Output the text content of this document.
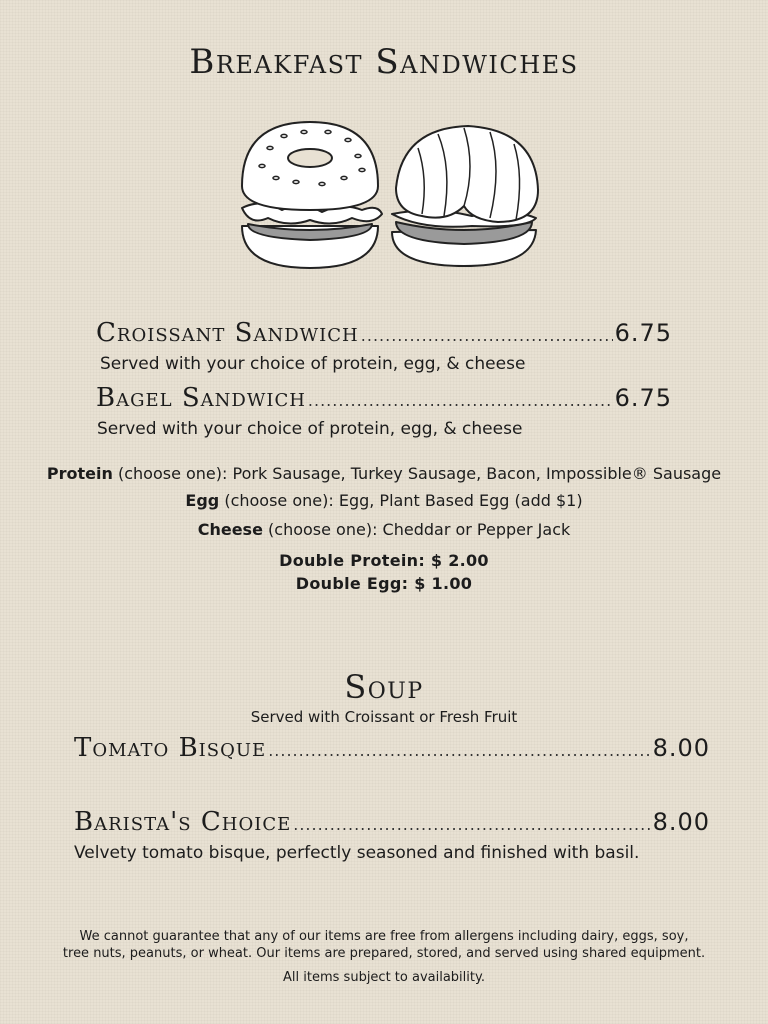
Breakfast Sandwiches
Croissant Sandwich .....	6.75
Served with your choice of protein, egg, & cheese
Bagel Sandwich .....	6.75
Served with your choice of protein, egg, & cheese
Protein (choose one): Pork Sausage, Turkey Sausage, Bacon, Impossible® Sausage
Egg (choose one): Egg, Plant Based Egg (add $1)
Cheese (choose one): Cheddar or Pepper Jack
Double Protein: $ 2.00
Double Egg: $ 1.00
Soup
Served with Croissant or Fresh Fruit
Tomato Bisque .....	8.00
Barista's Choice .....	8.00
Velvety tomato bisque, perfectly seasoned and finished with basil.
We cannot guarantee that any of our items are free from allergens including dairy, eggs, soy,
tree nuts, peanuts, or wheat. Our items are prepared, stored, and served using shared equipment.
All items subject to availability.
